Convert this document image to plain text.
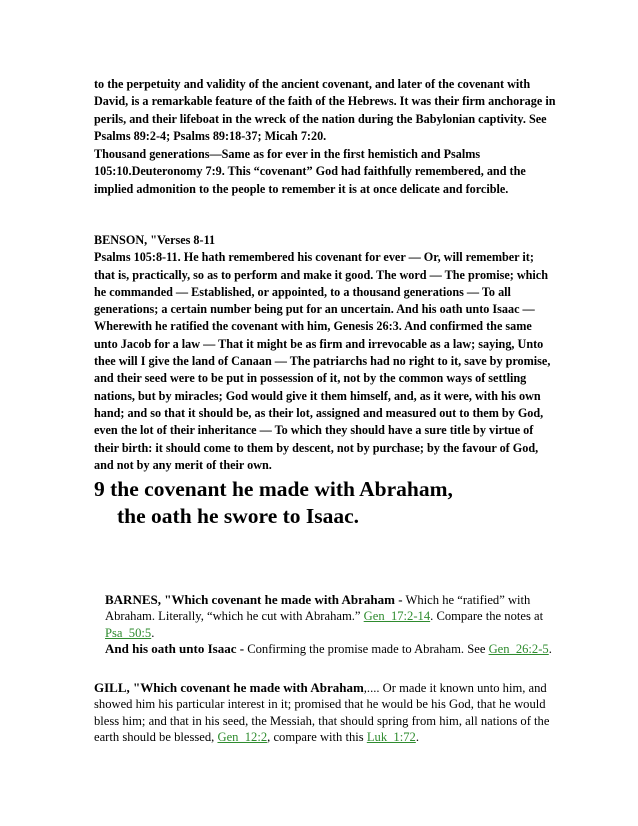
to the perpetuity and validity of the ancient covenant, and later of the covenant with David, is a remarkable feature of the faith of the Hebrews. It was their firm anchorage in perils, and their lifeboat in the wreck of the nation during the Babylonian captivity. See Psalms 89:2-4; Psalms 89:18-37; Micah 7:20.

Thousand generations—Same as for ever in the first hemistich and Psalms 105:10.Deuteronomy 7:9. This “covenant” God had faithfully remembered, and the implied admonition to the people to remember it is at once delicate and forcible.

BENSON, "Verses 8-11
Psalms 105:8-11. He hath remembered his covenant for ever — Or, will remember it; that is, practically, so as to perform and make it good. The word — The promise; which he commanded — Established, or appointed, to a thousand generations — To all generations; a certain number being put for an uncertain. And his oath unto Isaac — Wherewith he ratified the covenant with him, Genesis 26:3. And confirmed the same unto Jacob for a law — That it might be as firm and irrevocable as a law; saying, Unto thee will I give the land of Canaan — The patriarchs had no right to it, save by promise, and their seed were to be put in possession of it, not by the common ways of settling nations, but by miracles; God would give it them himself, and, as it were, with his own hand; and so that it should be, as their lot, assigned and measured out to them by God, even the lot of their inheritance — To which they should have a sure title by virtue of their birth: it should come to them by descent, not by purchase; by the favour of God, and not by any merit of their own.
9 the covenant he made with Abraham,
the oath he swore to Isaac.
BARNES, "Which covenant he made with Abraham - Which he “ratified” with Abraham. Literally, “which he cut with Abraham.” Gen_17:2-14. Compare the notes at Psa_50:5.
And his oath unto Isaac - Confirming the promise made to Abraham. See Gen_26:2-5.
GILL, "Which covenant he made with Abraham,.... Or made it known unto him, and showed him his particular interest in it; promised that he would be his God, that he would bless him; and that in his seed, the Messiah, that should spring from him, all nations of the earth should be blessed, Gen_12:2, compare with this Luk_1:72.
